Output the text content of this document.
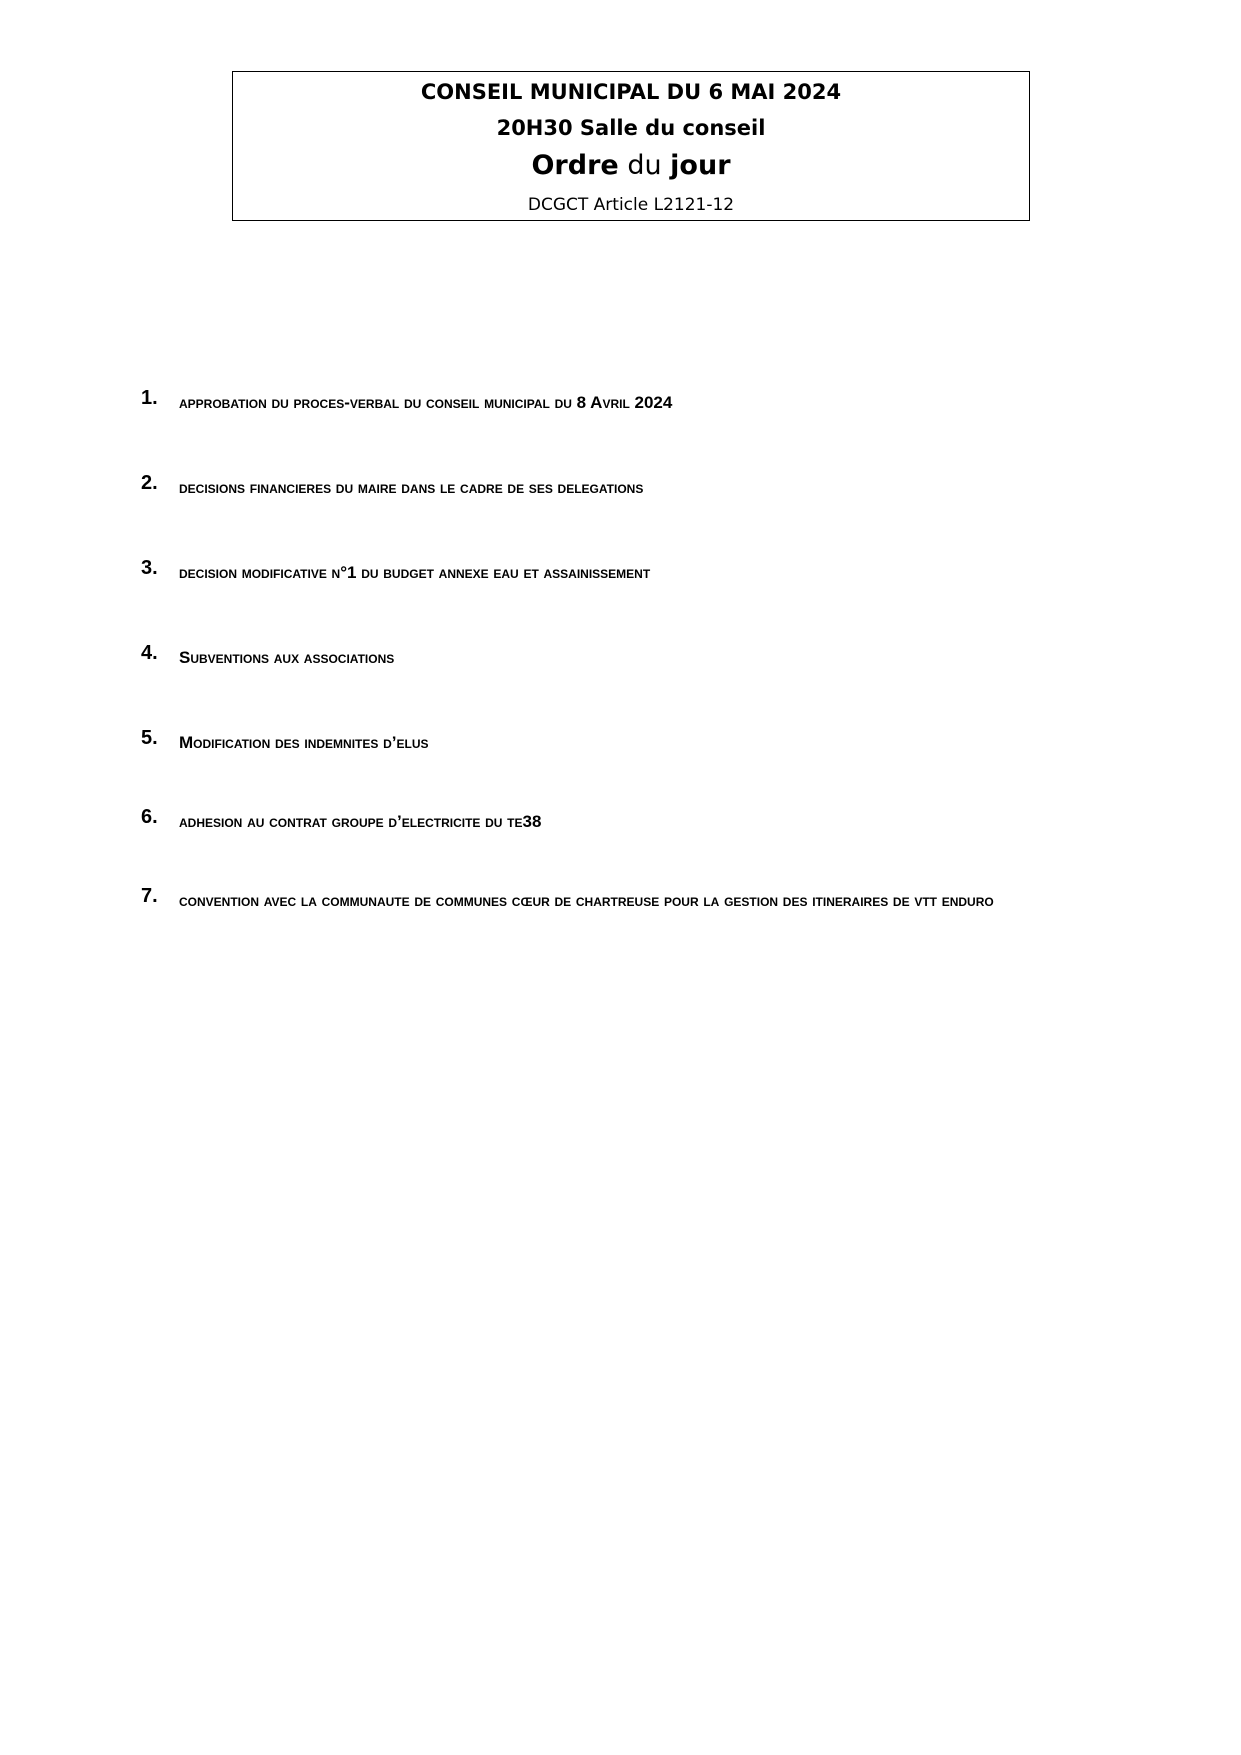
CONSEIL MUNICIPAL DU 6 MAI 2024
20H30 Salle du conseil
Ordre du jour
DCGCT Article L2121-12
1. approbation du proces-verbal du conseil municipal du 8 Avril 2024
2. decisions financieres du maire dans le cadre de ses delegations
3. decision modificative n°1 du budget annexe eau et assainissement
4. Subventions aux associations
5. Modification des indemnites d’elus
6. adhesion au contrat groupe d’electricite du te38
7. convention avec la communaute de communes cœur de chartreuse pour la gestion des itineraires de vtt enduro
